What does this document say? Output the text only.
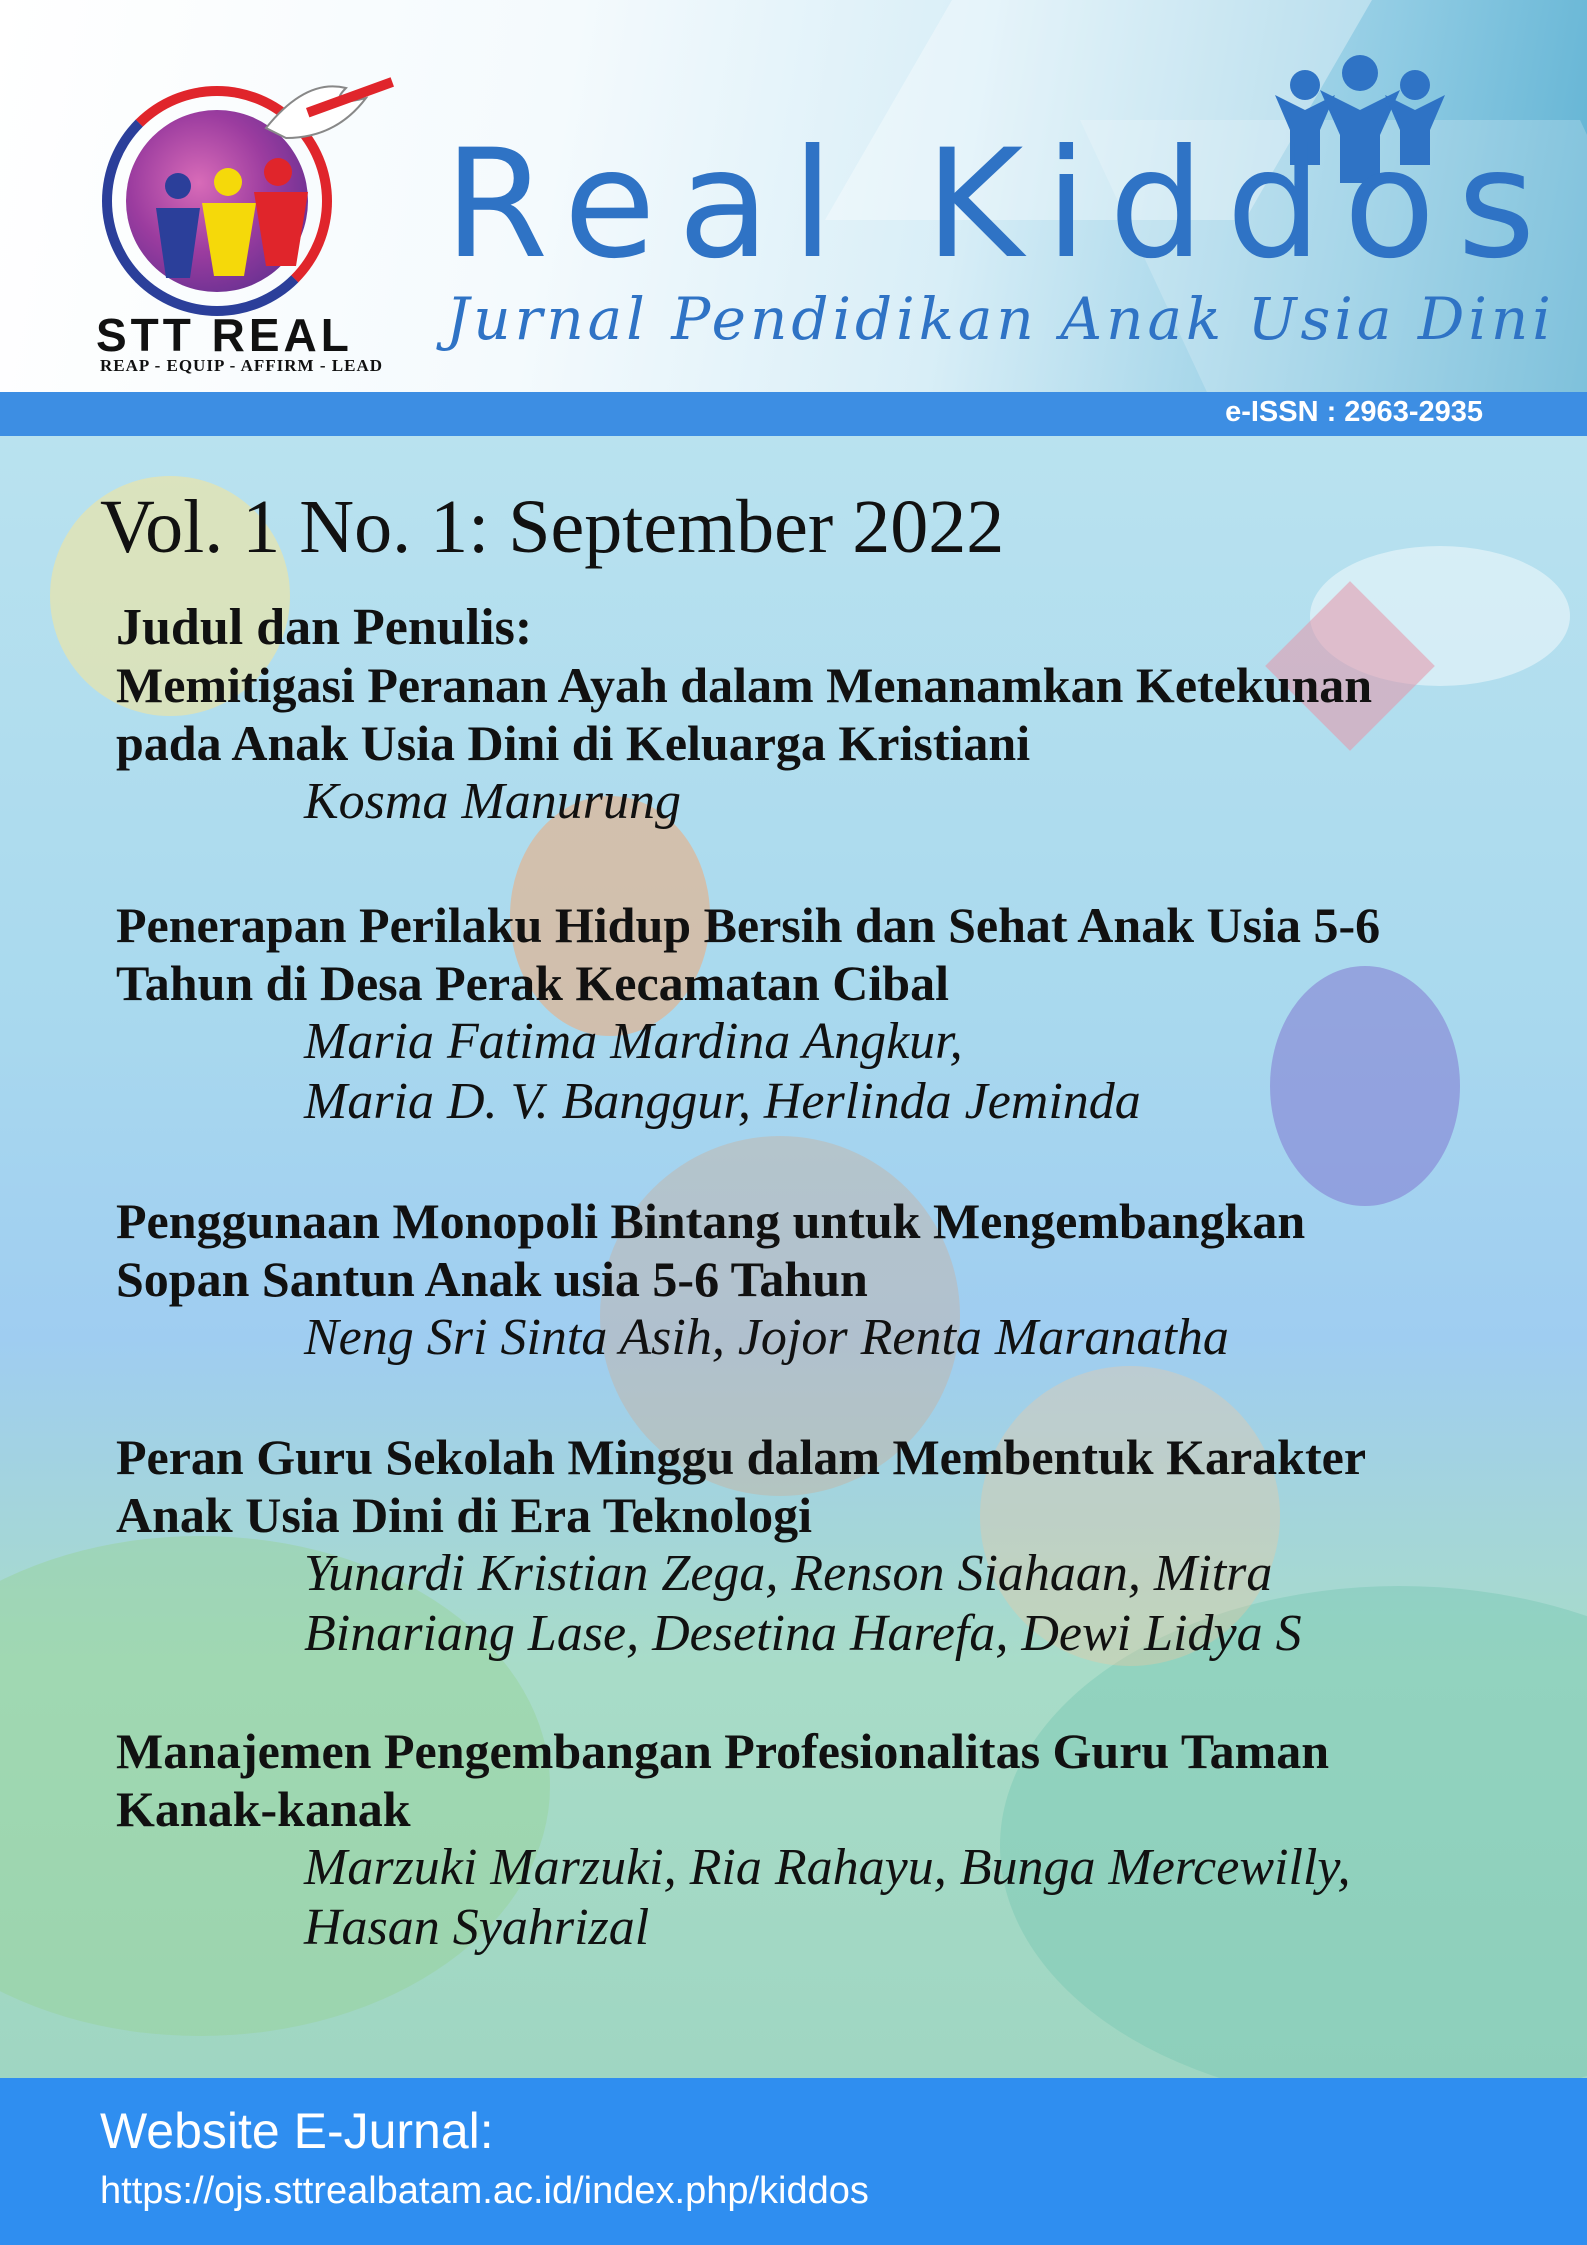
STT REAL
REAP - EQUIP - AFFIRM - LEAD
Real Kiddos
Jurnal Pendidikan Anak Usia Dini
e-ISSN : 2963-2935
Vol. 1 No. 1: September 2022
Judul dan Penulis:
Memitigasi Peranan Ayah dalam Menanamkan Ketekunan
pada Anak Usia Dini di Keluarga Kristiani
Kosma Manurung
Penerapan Perilaku Hidup Bersih dan Sehat Anak Usia 5-6
Tahun di Desa Perak Kecamatan Cibal
Maria Fatima Mardina Angkur,
Maria D. V. Banggur, Herlinda Jeminda
Penggunaan Monopoli Bintang untuk Mengembangkan
Sopan Santun Anak usia 5-6 Tahun
Neng Sri Sinta Asih, Jojor Renta Maranatha
Peran Guru Sekolah Minggu dalam Membentuk Karakter
Anak Usia Dini di Era Teknologi
Yunardi Kristian Zega, Renson Siahaan, Mitra
Binariang Lase, Desetina Harefa, Dewi Lidya S
Manajemen Pengembangan Profesionalitas Guru Taman
Kanak-kanak
Marzuki Marzuki, Ria Rahayu, Bunga Mercewilly,
Hasan Syahrizal
Website E-Jurnal:
https://ojs.sttrealbatam.ac.id/index.php/kiddos
